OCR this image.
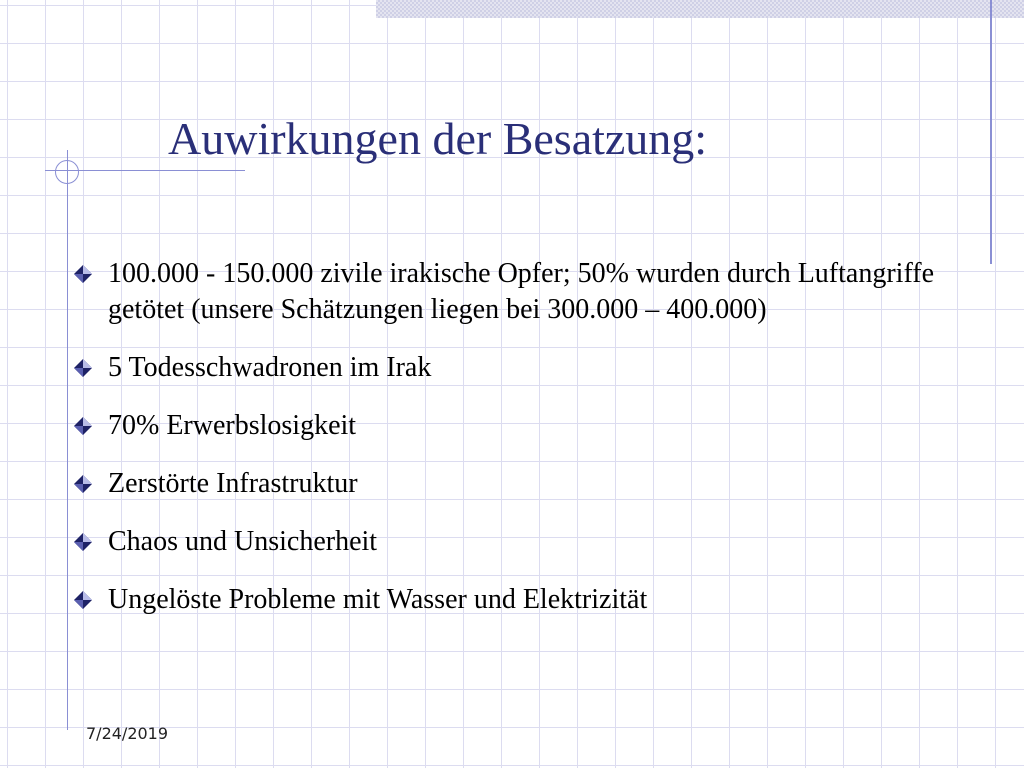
Auwirkungen der Besatzung:
100.000 - 150.000 zivile irakische Opfer; 50% wurden durch Luftangriffe getötet (unsere Schätzungen liegen bei 300.000 – 400.000)
5 Todesschwadronen im Irak
70% Erwerbslosigkeit
Zerstörte Infrastruktur
Chaos und Unsicherheit
Ungelöste Probleme mit Wasser und Elektrizität
7/24/2019
